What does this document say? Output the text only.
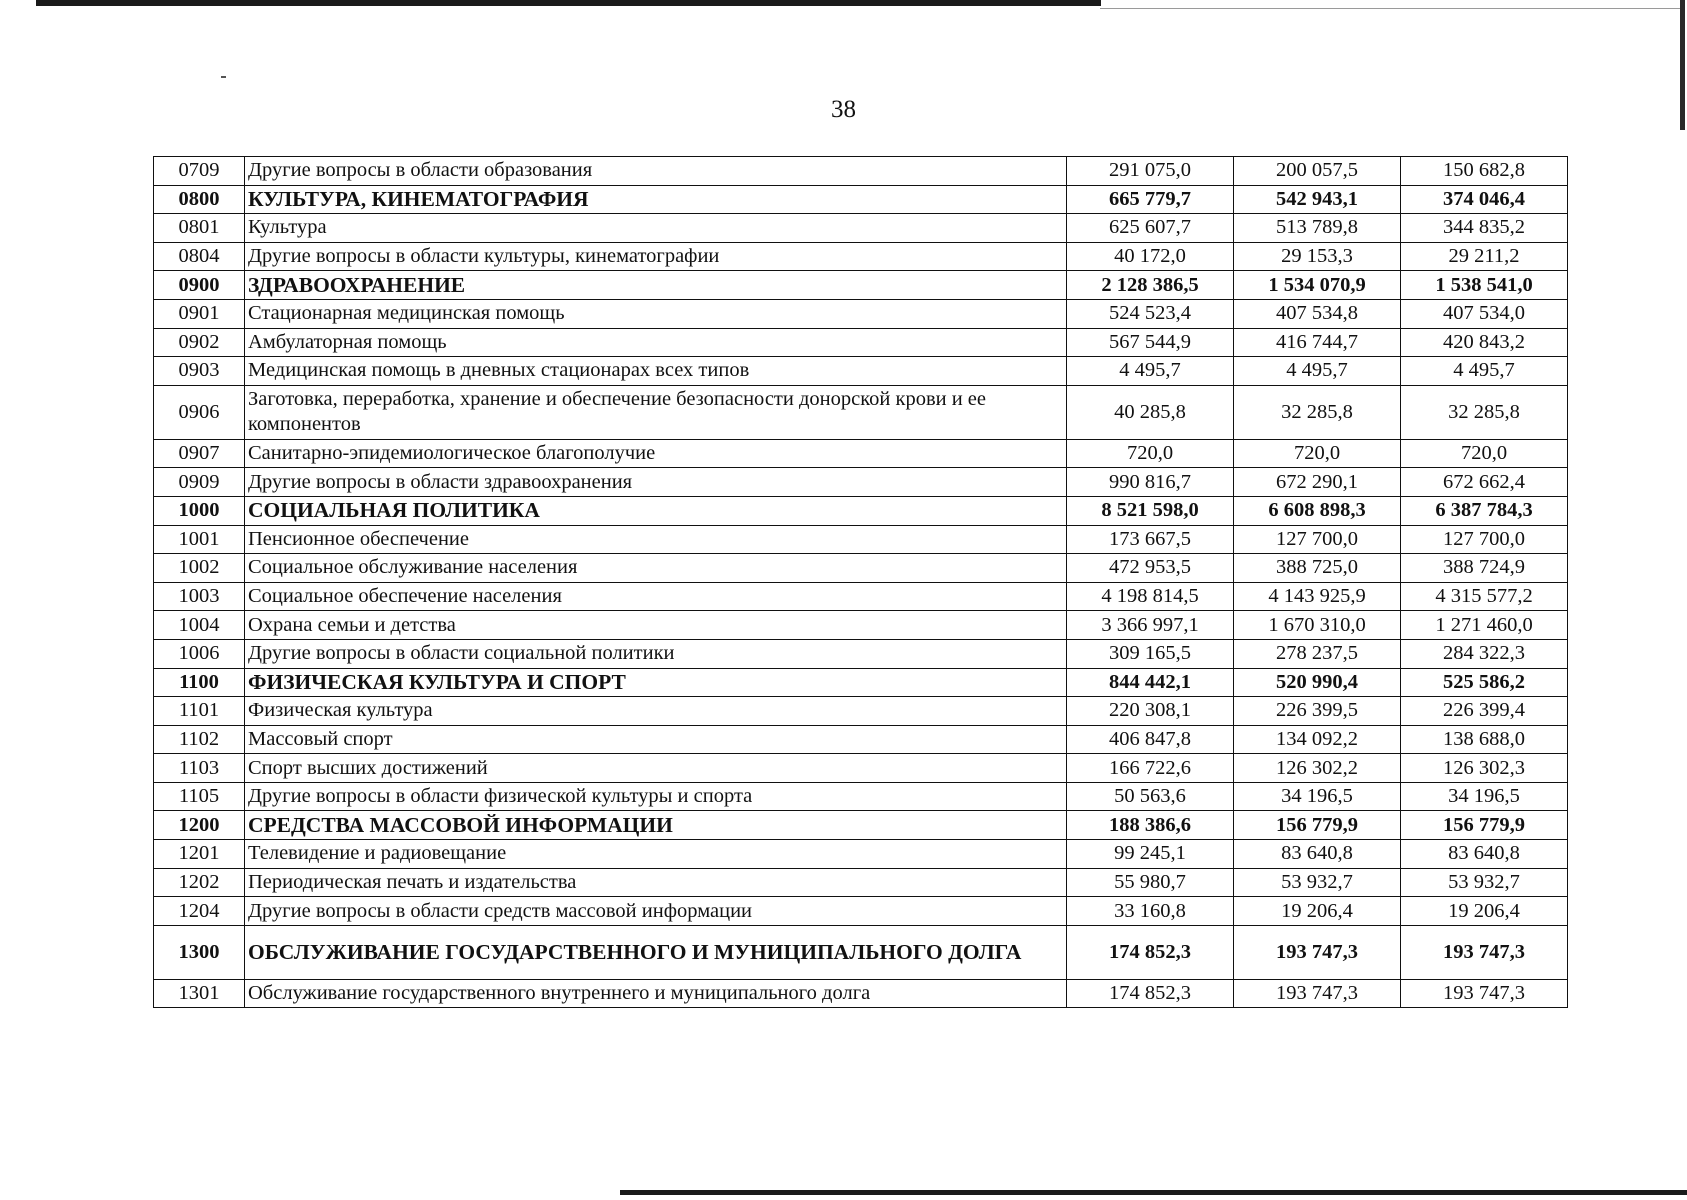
38
0709	Другие вопросы в области образования	291 075,0	200 057,5	150 682,8
0800	КУЛЬТУРА, КИНЕМАТОГРАФИЯ	665 779,7	542 943,1	374 046,4
0801	Культура	625 607,7	513 789,8	344 835,2
0804	Другие вопросы в области культуры, кинематографии	40 172,0	29 153,3	29 211,2
0900	ЗДРАВООХРАНЕНИЕ	2 128 386,5	1 534 070,9	1 538 541,0
0901	Стационарная медицинская помощь	524 523,4	407 534,8	407 534,0
0902	Амбулаторная помощь	567 544,9	416 744,7	420 843,2
0903	Медицинская помощь в дневных стационарах всех типов	4 495,7	4 495,7	4 495,7
0906	Заготовка, переработка, хранение и обеспечение безопасности донорской крови и ее компонентов	40 285,8	32 285,8	32 285,8
0907	Санитарно-эпидемиологическое благополучие	720,0	720,0	720,0
0909	Другие вопросы в области здравоохранения	990 816,7	672 290,1	672 662,4
1000	СОЦИАЛЬНАЯ ПОЛИТИКА	8 521 598,0	6 608 898,3	6 387 784,3
1001	Пенсионное обеспечение	173 667,5	127 700,0	127 700,0
1002	Социальное обслуживание населения	472 953,5	388 725,0	388 724,9
1003	Социальное обеспечение населения	4 198 814,5	4 143 925,9	4 315 577,2
1004	Охрана семьи и детства	3 366 997,1	1 670 310,0	1 271 460,0
1006	Другие вопросы в области социальной политики	309 165,5	278 237,5	284 322,3
1100	ФИЗИЧЕСКАЯ КУЛЬТУРА И СПОРТ	844 442,1	520 990,4	525 586,2
1101	Физическая культура	220 308,1	226 399,5	226 399,4
1102	Массовый спорт	406 847,8	134 092,2	138 688,0
1103	Спорт высших достижений	166 722,6	126 302,2	126 302,3
1105	Другие вопросы в области физической культуры и спорта	50 563,6	34 196,5	34 196,5
1200	СРЕДСТВА МАССОВОЙ ИНФОРМАЦИИ	188 386,6	156 779,9	156 779,9
1201	Телевидение и радиовещание	99 245,1	83 640,8	83 640,8
1202	Периодическая печать и издательства	55 980,7	53 932,7	53 932,7
1204	Другие вопросы в области средств массовой информации	33 160,8	19 206,4	19 206,4
1300	ОБСЛУЖИВАНИЕ ГОСУДАРСТВЕННОГО И МУНИЦИПАЛЬНОГО ДОЛГА	174 852,3	193 747,3	193 747,3
1301	Обслуживание государственного внутреннего и муниципального долга	174 852,3	193 747,3	193 747,3
